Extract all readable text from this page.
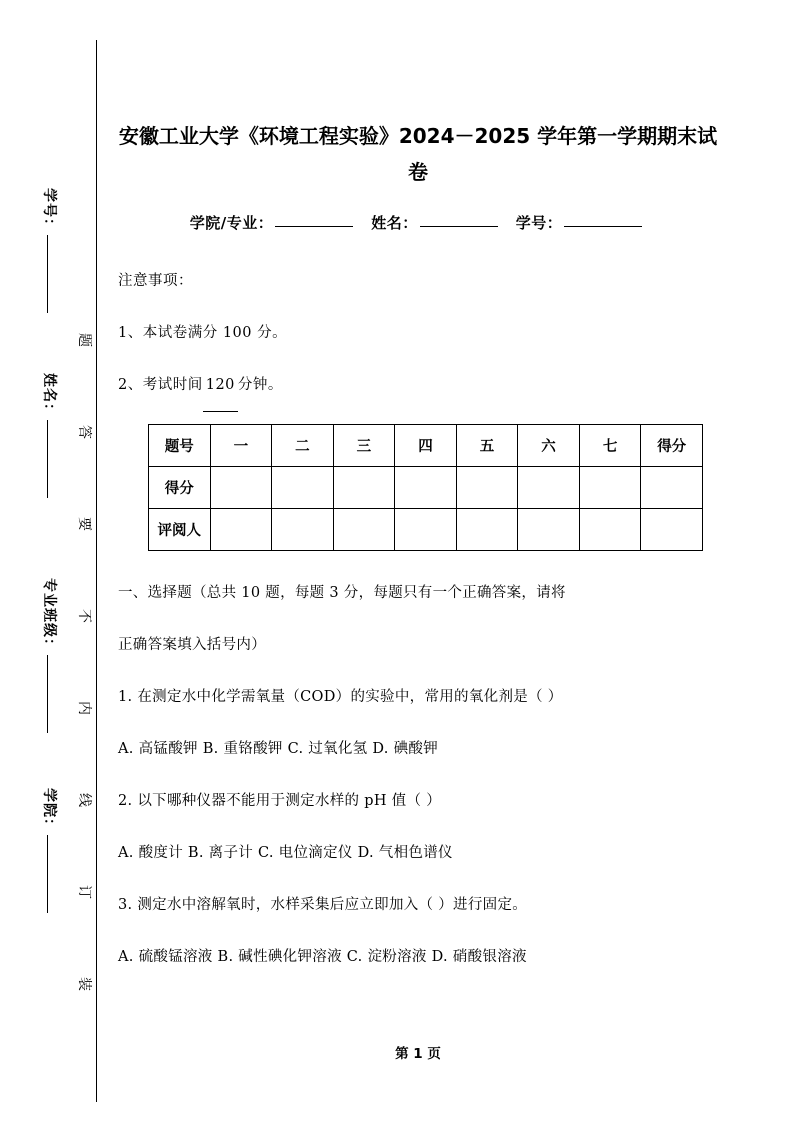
学号：
姓名：
专业班级：
学院：
题
答
要
不
内
线
订
装
安徽工业大学《环境工程实验》2024－2025 学年第一学期期末试卷
学院/专业：	姓名：	学号：
注意事项：
1、本试卷满分 100 分。
2、考试时间 120 分钟。
题号	一	二	三	四	五	六	七	得分
得分								
评阅人								
一、选择题（总共 10 题，每题 3 分，每题只有一个正确答案，请将
正确答案填入括号内）
1. 在测定水中化学需氧量（COD）的实验中，常用的氧化剂是（ ）
A. 高锰酸钾 B. 重铬酸钾 C. 过氧化氢 D. 碘酸钾
2. 以下哪种仪器不能用于测定水样的 pH 值（ ）
A. 酸度计 B. 离子计 C. 电位滴定仪 D. 气相色谱仪
3. 测定水中溶解氧时，水样采集后应立即加入（ ）进行固定。
A. 硫酸锰溶液 B. 碱性碘化钾溶液 C. 淀粉溶液 D. 硝酸银溶液
第 1 页
